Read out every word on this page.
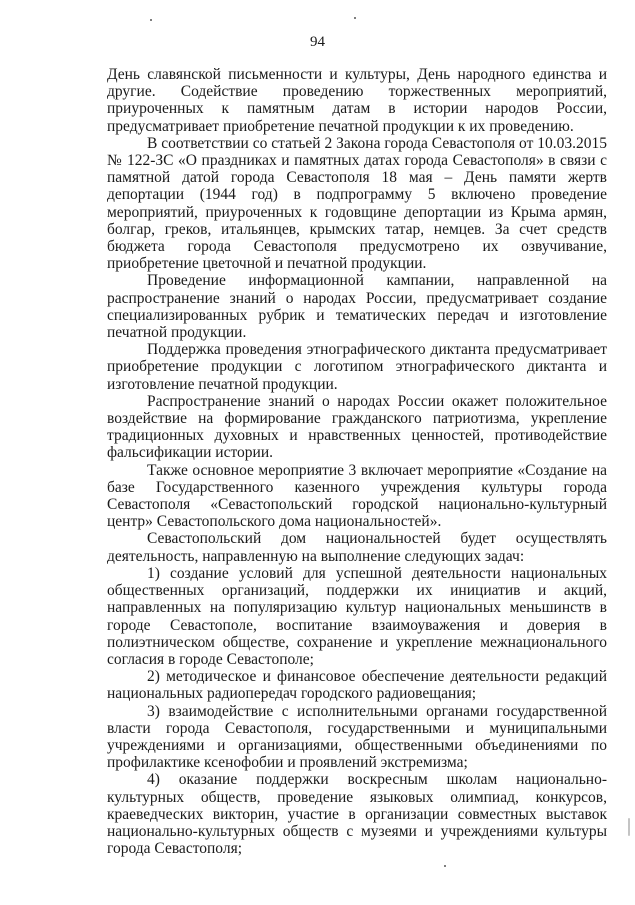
94

День славянской письменности и культуры, День народного единства и другие. Содействие проведению торжественных мероприятий, приуроченных к памятным датам в истории народов России, предусматривает приобретение печатной продукции к их проведению.

В соответствии со статьей 2 Закона города Севастополя от 10.03.2015 № 122-ЗС «О праздниках и памятных датах города Севастополя» в связи с памятной датой города Севастополя 18 мая – День памяти жертв депортации (1944 год) в подпрограмму 5 включено проведение мероприятий, приуроченных к годовщине депортации из Крыма армян, болгар, греков, итальянцев, крымских татар, немцев. За счет средств бюджета города Севастополя предусмотрено их озвучивание, приобретение цветочной и печатной продукции.

Проведение информационной кампании, направленной на распространение знаний о народах России, предусматривает создание специализированных рубрик и тематических передач и изготовление печатной продукции.

Поддержка проведения этнографического диктанта предусматривает приобретение продукции с логотипом этнографического диктанта и изготовление печатной продукции.

Распространение знаний о народах России окажет положительное воздействие на формирование гражданского патриотизма, укрепление традиционных духовных и нравственных ценностей, противодействие фальсификации истории.

Также основное мероприятие 3 включает мероприятие «Создание на базе Государственного казенного учреждения культуры города Севастополя «Севастопольский городской национально-культурный центр» Севастопольского дома национальностей».

Севастопольский дом национальностей будет осуществлять деятельность, направленную на выполнение следующих задач:

1) создание условий для успешной деятельности национальных общественных организаций, поддержки их инициатив и акций, направленных на популяризацию культур национальных меньшинств в городе Севастополе, воспитание взаимоуважения и доверия в полиэтническом обществе, сохранение и укрепление межнационального согласия в городе Севастополе;

2) методическое и финансовое обеспечение деятельности редакций национальных радиопередач городского радиовещания;

3) взаимодействие с исполнительными органами государственной власти города Севастополя, государственными и муниципальными учреждениями и организациями, общественными объединениями по профилактике ксенофобии и проявлений экстремизма;

4) оказание поддержки воскресным школам национально-культурных обществ, проведение языковых олимпиад, конкурсов, краеведческих викторин, участие в организации совместных выставок национально-культурных обществ с музеями и учреждениями культуры города Севастополя;
